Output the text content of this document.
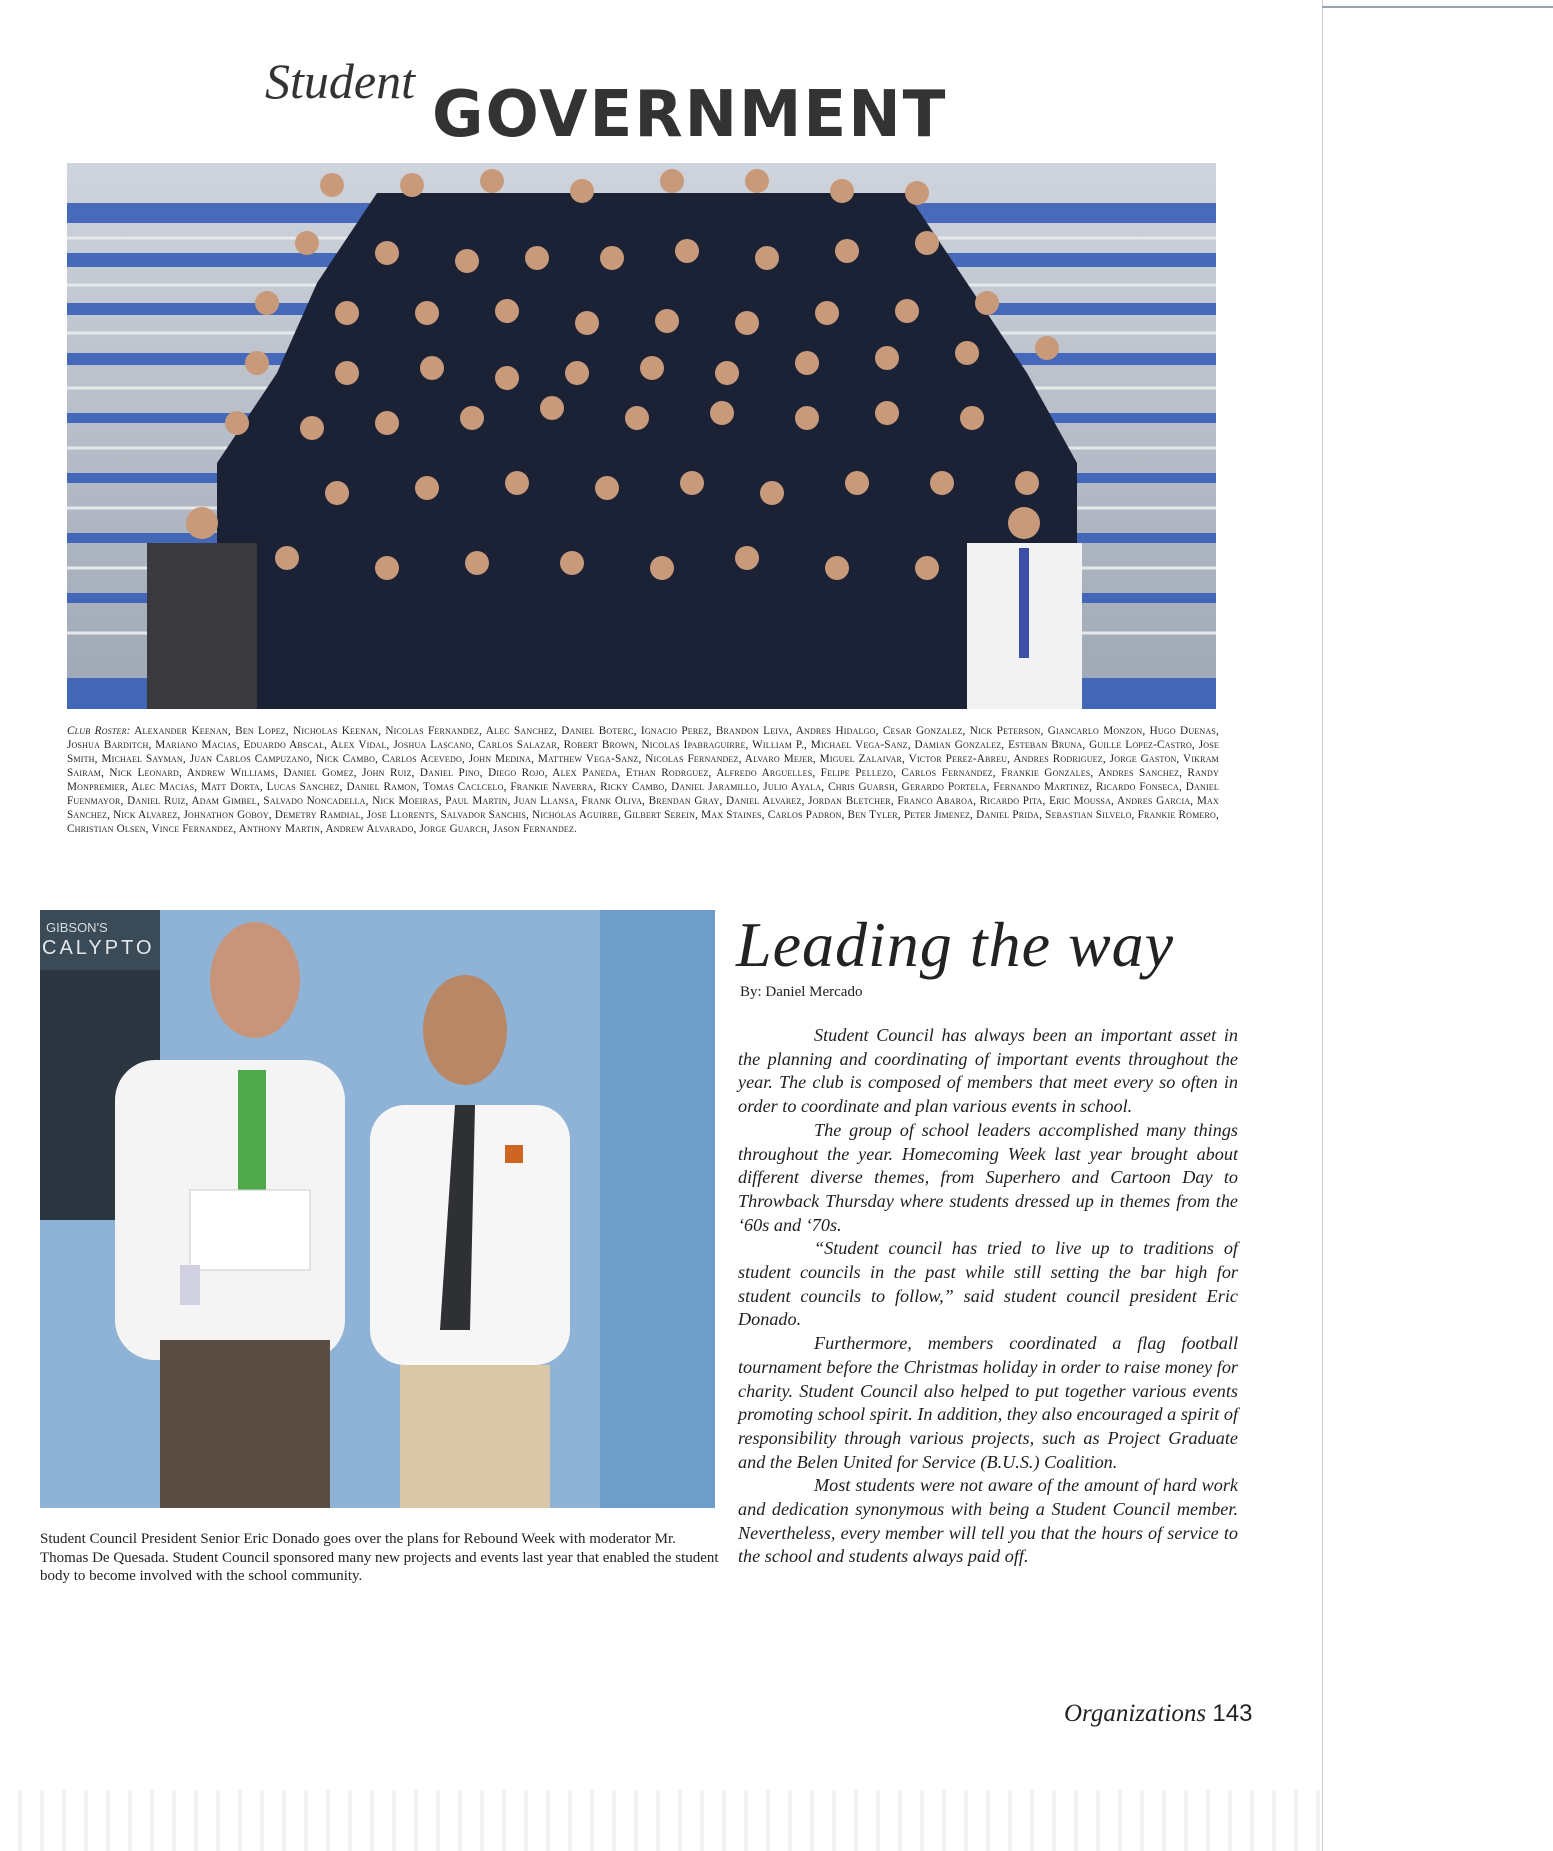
Student GOVERNMENT
Club Roster: Alexander Keenan, Ben Lopez, Nicholas Keenan, Nicolas Fernandez, Alec Sanchez, Daniel Boterc, Ignacio Perez, Brandon Leiva, Andres Hidalgo, Cesar Gonzalez, Nick Peterson, Giancarlo Monzon, Hugo Duenas, Joshua Barditch, Mariano Macias, Eduardo Abscal, Alex Vidal, Joshua Lascano, Carlos Salazar, Robert Brown, Nicolas Ipabraguirre, William P., Michael Vega-Sanz, Damian Gonzalez, Esteban Bruna, Guille Lopez-Castro, Jose Smith, Michael Sayman, Juan Carlos Campuzano, Nick Cambo, Carlos Acevedo, John Medina, Matthew Vega-Sanz, Nicolas Fernandez, Alvaro Mejer, Miguel Zalaivar, Victor Perez-Abreu, Andres Rodriguez, Jorge Gaston, Vikram Sairam, Nick Leonard, Andrew Williams, Daniel Gomez, John Ruiz, Daniel Pino, Diego Rojo, Alex Paneda, Ethan Rodrguez, Alfredo Arguelles, Felipe Pellezo, Carlos Fernandez, Frankie Gonzales, Andres Sanchez, Randy Monpremier, Alec Macias, Matt Dorta, Lucas Sanchez, Daniel Ramon, Tomas Caclcelo, Frankie Naverra, Ricky Cambo, Daniel Jaramillo, Julio Ayala, Chris Guarsh, Gerardo Portela, Fernando Martinez, Ricardo Fonseca, Daniel Fuenmayor, Daniel Ruiz, Adam Gimbel, Salvado Noncadella, Nick Moeiras, Paul Martin, Juan Llansa, Frank Oliva, Brendan Gray, Daniel Alvarez, Jordan Bletcher, Franco Abaroa, Ricardo Pita, Eric Moussa, Andres Garcia, Max Sanchez, Nick Alvarez, Johnathon Goboy, Demetry Ramdial, Jose Llorents, Salvador Sanchis, Nicholas Aguirre, Gilbert Serein, Max Staines, Carlos Padron, Ben Tyler, Peter Jimenez, Daniel Prida, Sebastian Silvelo, Frankie Romero, Christian Olsen, Vince Fernandez, Anthony Martin, Andrew Alvarado, Jorge Guarch, Jason Fernandez.
GIBSON'S
CALYPTO	Leading the way
By: Daniel Mercado

Student Council has always been an important asset in the planning and coordinating of important events throughout the year. The club is composed of members that meet every so often in order to coordinate and plan various events in school.

The group of school leaders accomplished many things throughout the year. Homecoming Week last year brought about different diverse themes, from Superhero and Cartoon Day to Throwback Thursday where students dressed up in themes from the ‘60s and ‘70s.

“Student council has tried to live up to traditions of student councils in the past while still setting the bar high for student councils to follow,” said student council president Eric Donado.

Furthermore, members coordinated a flag football tournament before the Christmas holiday in order to raise money for charity. Student Council also helped to put together various events promoting school spirit. In addition, they also encouraged a spirit of responsibility through various projects, such as Project Graduate and the Belen United for Service (B.U.S.) Coalition.

Most students were not aware of the amount of hard work and dedication synonymous with being a Student Council member. Nevertheless, every member will tell you that the hours of service to the school and students always paid off.

Student Council President Senior Eric Donado goes over the plans for Rebound Week with moderator Mr. Thomas De Quesada. Student Council sponsored many new projects and events last year that enabled the student body to become involved with the school community.
Organizations 143
